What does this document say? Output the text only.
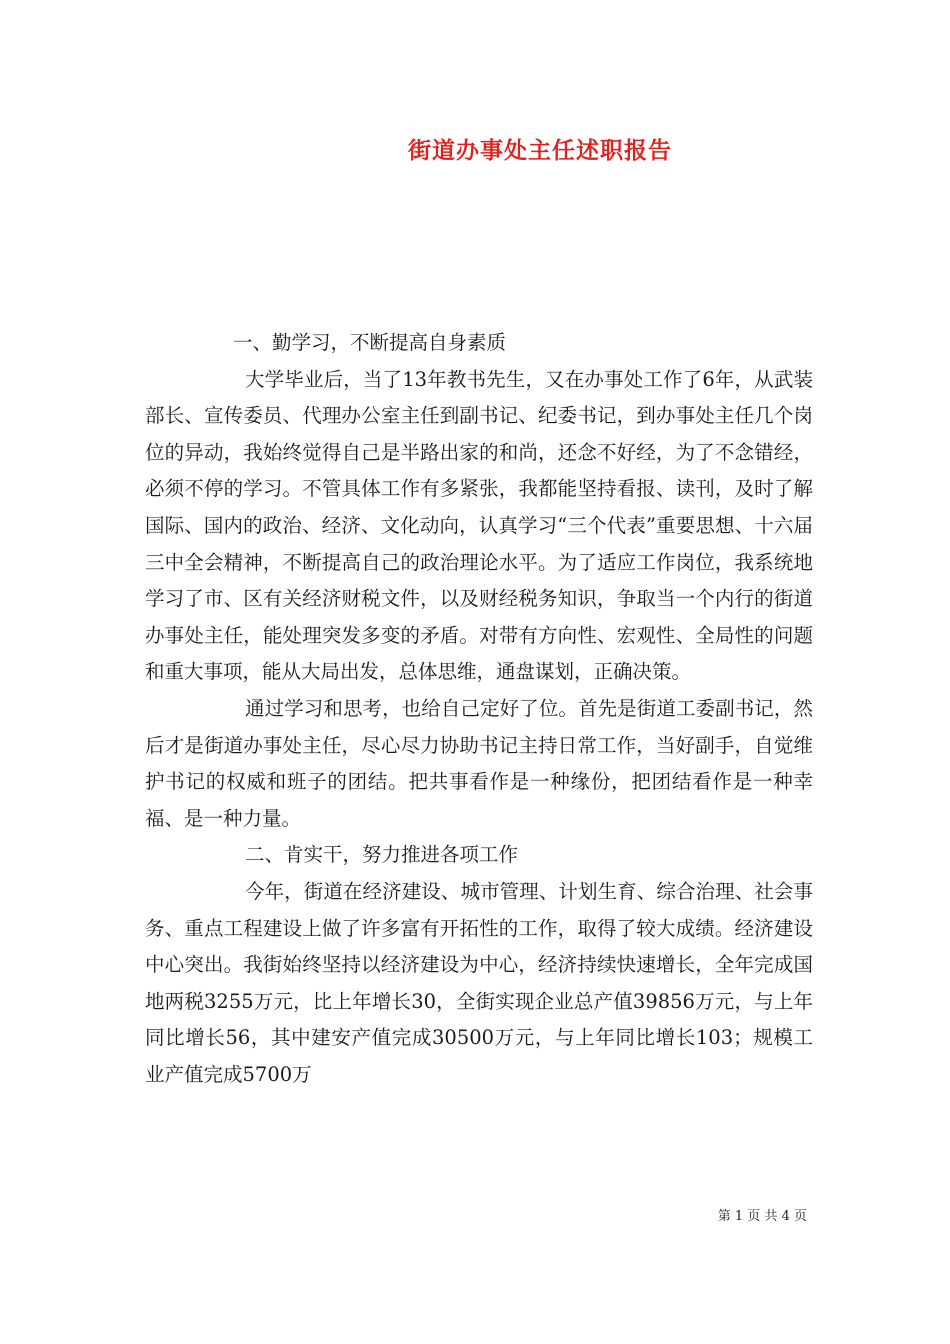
街道办事处主任述职报告

一、勤学习，不断提高自身素质

大学毕业后，当了13年教书先生，又在办事处工作了6年，从武装部长、宣传委员、代理办公室主任到副书记、纪委书记，到办事处主任几个岗位的异动，我始终觉得自己是半路出家的和尚，还念不好经，为了不念错经，必须不停的学习。不管具体工作有多紧张，我都能坚持看报、读刊，及时了解国际、国内的政治、经济、文化动向，认真学习“三个代表”重要思想、十六届三中全会精神，不断提高自己的政治理论水平。为了适应工作岗位，我系统地学习了市、区有关经济财税文件，以及财经税务知识，争取当一个内行的街道办事处主任，能处理突发多变的矛盾。对带有方向性、宏观性、全局性的问题和重大事项，能从大局出发，总体思维，通盘谋划，正确决策。

通过学习和思考，也给自己定好了位。首先是街道工委副书记，然后才是街道办事处主任，尽心尽力协助书记主持日常工作，当好副手，自觉维护书记的权威和班子的团结。把共事看作是一种缘份，把团结看作是一种幸福、是一种力量。

二、肯实干，努力推进各项工作

今年，街道在经济建设、城市管理、计划生育、综合治理、社会事务、重点工程建设上做了许多富有开拓性的工作，取得了较大成绩。经济建设中心突出。我街始终坚持以经济建设为中心，经济持续快速增长，全年完成国地两税3255万元，比上年增长30，全街实现企业总产值39856万元，与上年同比增长56，其中建安产值完成30500万元，与上年同比增长103；规模工业产值完成5700万

第 1 页 共 4 页
